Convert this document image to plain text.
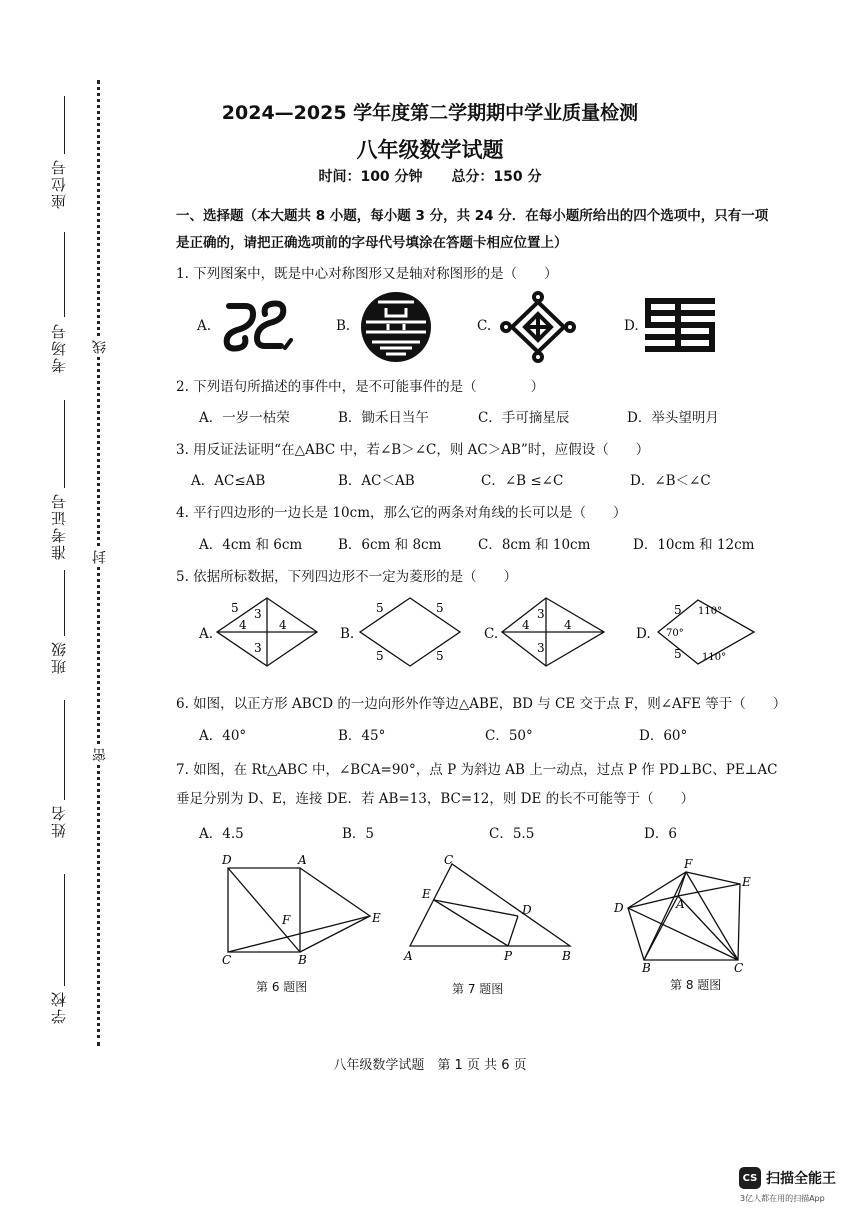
座位号
考场号
准考证号
班级
姓名
学校
线
封
密
2024—2025 学年度第二学期期中学业质量检测
八年级数学试题
时间：100 分钟 总分：150 分
一、选择题（本大题共 8 小题，每小题 3 分，共 24 分．在每小题所给出的四个选项中，只有一项
是正确的，请把正确选项前的字母代号填涂在答题卡相应位置上）
1. 下列图案中，既是中心对称图形又是轴对称图形的是（　　）
A.	B.	C.	D.
2. 下列语句所描述的事件中，是不可能事件的是（　　　　）
A．一岁一枯荣	B．锄禾日当午	C．手可摘星辰	D．举头望明月
3. 用反证法证明“在△ABC 中，若∠B＞∠C，则 AC＞AB”时，应假设（　　）
A．AC≤AB	B．AC＜AB	C．∠B ≤∠C	D．∠B＜∠C
4. 平行四边形的一边长是 10cm，那么它的两条对角线的长可以是（　　）
A．4cm 和 6cm	B．6cm 和 8cm	C．8cm 和 10cm	D．10cm 和 12cm
5. 依据所标数据，下列四边形不一定为菱形的是（　　）
A.
5 3
4	4
3
B.
5	5
5	5
C.
3
4	4
3
D.
5 110°
70°
5 110°
6. 如图，以正方形 ABCD 的一边向形外作等边△ABE，BD 与 CE 交于点 F，则∠AFE 等于（　　）
A．40°	B．45°	C．50°	D．60°
7. 如图，在 Rt△ABC 中，∠BCA=90°，点 P 为斜边 AB 上一动点，过点 P 作 PD⊥BC、PE⊥AC
垂足分别为 D、E，连接 DE．若 AB=13，BC=12，则 DE 的长不可能等于（　　）
A．4.5	B．5	C．5.5	D．6
D	A
F	E
C	B
第 6 题图
C
E
D
A	P	B
第 7 题图
F
E
D	A
B	C
第 8 题图
八年级数学试题　第 1 页 共 6 页
CS 扫描全能王
3亿人都在用的扫描App
